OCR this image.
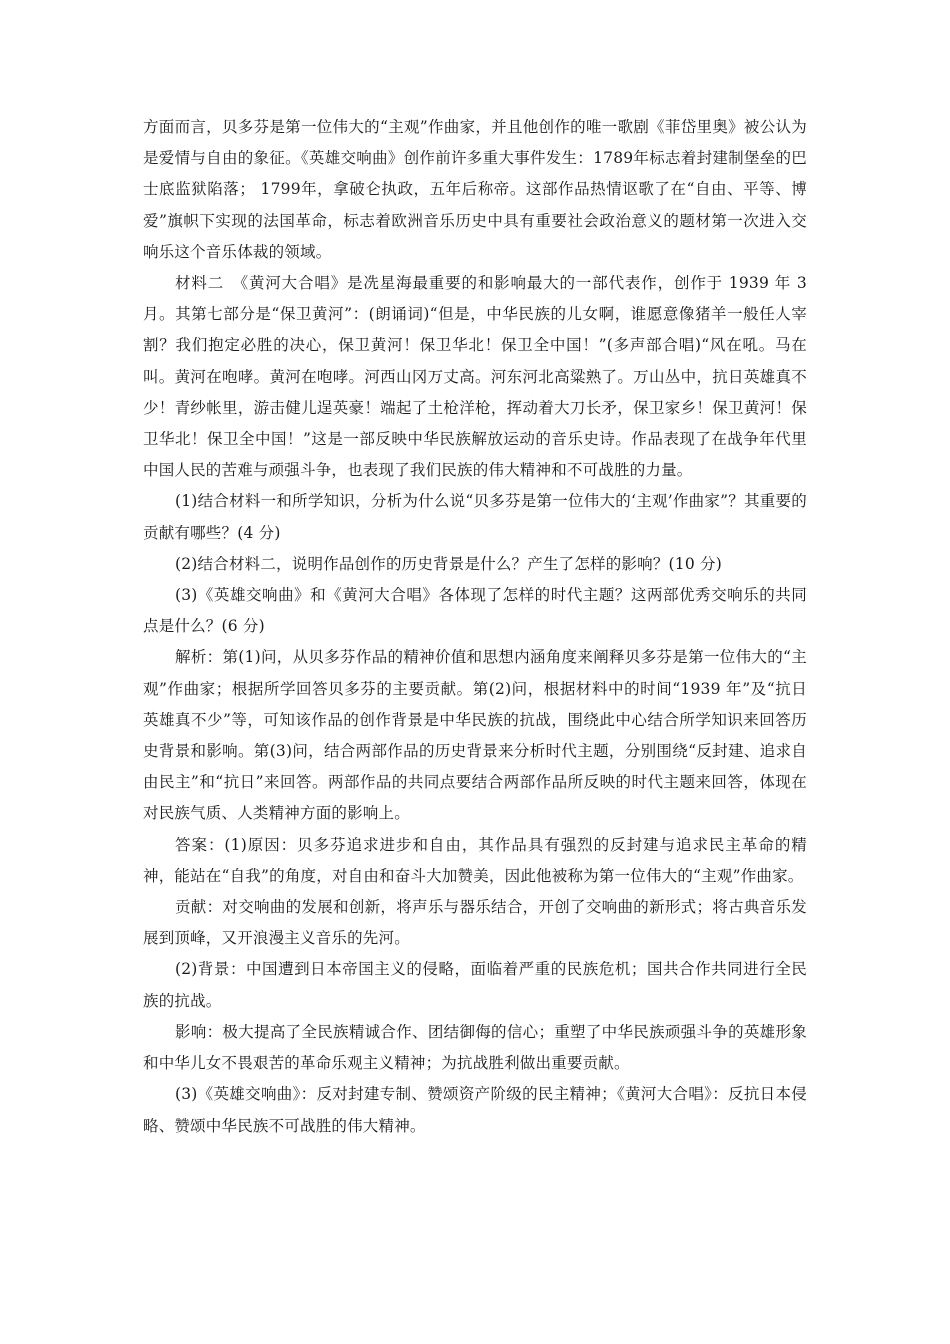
方面而言，贝多芬是第一位伟大的“主观”作曲家，并且他创作的唯一歌剧《菲岱里奥》被公认为是爱情与自由的象征。《英雄交响曲》创作前许多重大事件发生：1789年标志着封建制堡垒的巴士底监狱陷落； 1799年，拿破仑执政，五年后称帝。这部作品热情讴歌了在“自由、平等、博爱”旗帜下实现的法国革命，标志着欧洲音乐历史中具有重要社会政治意义的题材第一次进入交响乐这个音乐体裁的领域。

材料二　《黄河大合唱》是冼星海最重要的和影响最大的一部代表作，创作于 1939 年 3 月。其第七部分是“保卫黄河”：(朗诵词)“但是，中华民族的儿女啊，谁愿意像猪羊一般任人宰割？我们抱定必胜的决心，保卫黄河！保卫华北！保卫全中国！”(多声部合唱)“风在吼。马在叫。黄河在咆哮。黄河在咆哮。河西山冈万丈高。河东河北高粱熟了。万山丛中，抗日英雄真不少！青纱帐里，游击健儿逞英豪！端起了土枪洋枪，挥动着大刀长矛，保卫家乡！保卫黄河！保卫华北！保卫全中国！”这是一部反映中华民族解放运动的音乐史诗。作品表现了在战争年代里中国人民的苦难与顽强斗争，也表现了我们民族的伟大精神和不可战胜的力量。

(1)结合材料一和所学知识，分析为什么说“贝多芬是第一位伟大的‘主观’作曲家”？其重要的贡献有哪些？(4 分)

(2)结合材料二，说明作品创作的历史背景是什么？产生了怎样的影响？(10 分)

(3)《英雄交响曲》和《黄河大合唱》各体现了怎样的时代主题？这两部优秀交响乐的共同点是什么？(6 分)

解析：第(1)问，从贝多芬作品的精神价值和思想内涵角度来阐释贝多芬是第一位伟大的“主观”作曲家；根据所学回答贝多芬的主要贡献。第(2)问，根据材料中的时间“1939 年”及“抗日英雄真不少”等，可知该作品的创作背景是中华民族的抗战，围绕此中心结合所学知识来回答历史背景和影响。第(3)问，结合两部作品的历史背景来分析时代主题，分别围绕“反封建、追求自由民主”和“抗日”来回答。两部作品的共同点要结合两部作品所反映的时代主题来回答，体现在对民族气质、人类精神方面的影响上。

答案：(1)原因：贝多芬追求进步和自由，其作品具有强烈的反封建与追求民主革命的精神，能站在“自我”的角度，对自由和奋斗大加赞美，因此他被称为第一位伟大的“主观”作曲家。

贡献：对交响曲的发展和创新，将声乐与器乐结合，开创了交响曲的新形式；将古典音乐发展到顶峰，又开浪漫主义音乐的先河。

(2)背景：中国遭到日本帝国主义的侵略，面临着严重的民族危机；国共合作共同进行全民族的抗战。

影响：极大提高了全民族精诚合作、团结御侮的信心；重塑了中华民族顽强斗争的英雄形象和中华儿女不畏艰苦的革命乐观主义精神；为抗战胜利做出重要贡献。

(3)《英雄交响曲》：反对封建专制、赞颂资产阶级的民主精神；《黄河大合唱》：反抗日本侵略、赞颂中华民族不可战胜的伟大精神。
